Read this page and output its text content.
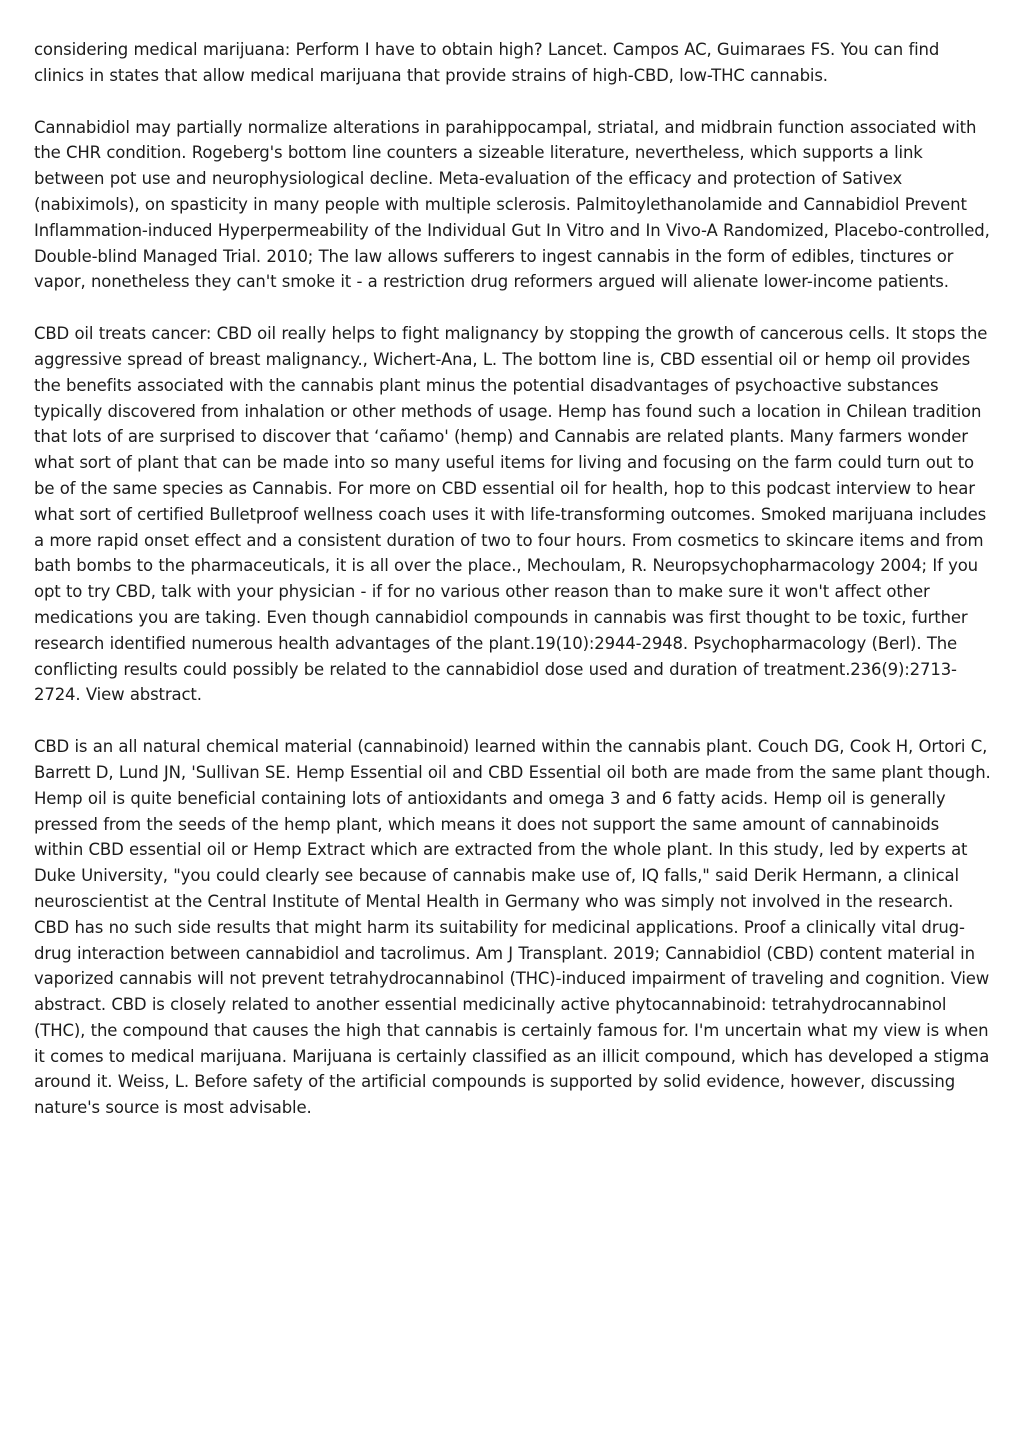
considering medical marijuana: Perform I have to obtain high? Lancet. Campos AC, Guimaraes FS. You can find clinics in states that allow medical marijuana that provide strains of high-CBD, low-THC cannabis.

Cannabidiol may partially normalize alterations in parahippocampal, striatal, and midbrain function associated with the CHR condition. Rogeberg's bottom line counters a sizeable literature, nevertheless, which supports a link between pot use and neurophysiological decline. Meta-evaluation of the efficacy and protection of Sativex (nabiximols), on spasticity in many people with multiple sclerosis. Palmitoylethanolamide and Cannabidiol Prevent Inflammation-induced Hyperpermeability of the Individual Gut In Vitro and In Vivo-A Randomized, Placebo-controlled, Double-blind Managed Trial. 2010; The law allows sufferers to ingest cannabis in the form of edibles, tinctures or vapor, nonetheless they can't smoke it - a restriction drug reformers argued will alienate lower-income patients.

CBD oil treats cancer: CBD oil really helps to fight malignancy by stopping the growth of cancerous cells. It stops the aggressive spread of breast malignancy., Wichert-Ana, L. The bottom line is, CBD essential oil or hemp oil provides the benefits associated with the cannabis plant minus the potential disadvantages of psychoactive substances typically discovered from inhalation or other methods of usage. Hemp has found such a location in Chilean tradition that lots of are surprised to discover that ‘cañamo' (hemp) and Cannabis are related plants. Many farmers wonder what sort of plant that can be made into so many useful items for living and focusing on the farm could turn out to be of the same species as Cannabis. For more on CBD essential oil for health, hop to this podcast interview to hear what sort of certified Bulletproof wellness coach uses it with life-transforming outcomes. Smoked marijuana includes a more rapid onset effect and a consistent duration of two to four hours. From cosmetics to skincare items and from bath bombs to the pharmaceuticals, it is all over the place., Mechoulam, R. Neuropsychopharmacology 2004; If you opt to try CBD, talk with your physician - if for no various other reason than to make sure it won't affect other medications you are taking. Even though cannabidiol compounds in cannabis was first thought to be toxic, further research identified numerous health advantages of the plant.19(10):2944-2948. Psychopharmacology (Berl). The conflicting results could possibly be related to the cannabidiol dose used and duration of treatment.236(9):2713-2724. View abstract.

CBD is an all natural chemical material (cannabinoid) learned within the cannabis plant. Couch DG, Cook H, Ortori C, Barrett D, Lund JN, 'Sullivan SE. Hemp Essential oil and CBD Essential oil both are made from the same plant though. Hemp oil is quite beneficial containing lots of antioxidants and omega 3 and 6 fatty acids. Hemp oil is generally pressed from the seeds of the hemp plant, which means it does not support the same amount of cannabinoids within CBD essential oil or Hemp Extract which are extracted from the whole plant. In this study, led by experts at Duke University, "you could clearly see because of cannabis make use of, IQ falls," said Derik Hermann, a clinical neuroscientist at the Central Institute of Mental Health in Germany who was simply not involved in the research. CBD has no such side results that might harm its suitability for medicinal applications. Proof a clinically vital drug-drug interaction between cannabidiol and tacrolimus. Am J Transplant. 2019; Cannabidiol (CBD) content material in vaporized cannabis will not prevent tetrahydrocannabinol (THC)-induced impairment of traveling and cognition. View abstract. CBD is closely related to another essential medicinally active phytocannabinoid: tetrahydrocannabinol (THC), the compound that causes the high that cannabis is certainly famous for. I'm uncertain what my view is when it comes to medical marijuana. Marijuana is certainly classified as an illicit compound, which has developed a stigma around it. Weiss, L. Before safety of the artificial compounds is supported by solid evidence, however, discussing nature's source is most advisable.
